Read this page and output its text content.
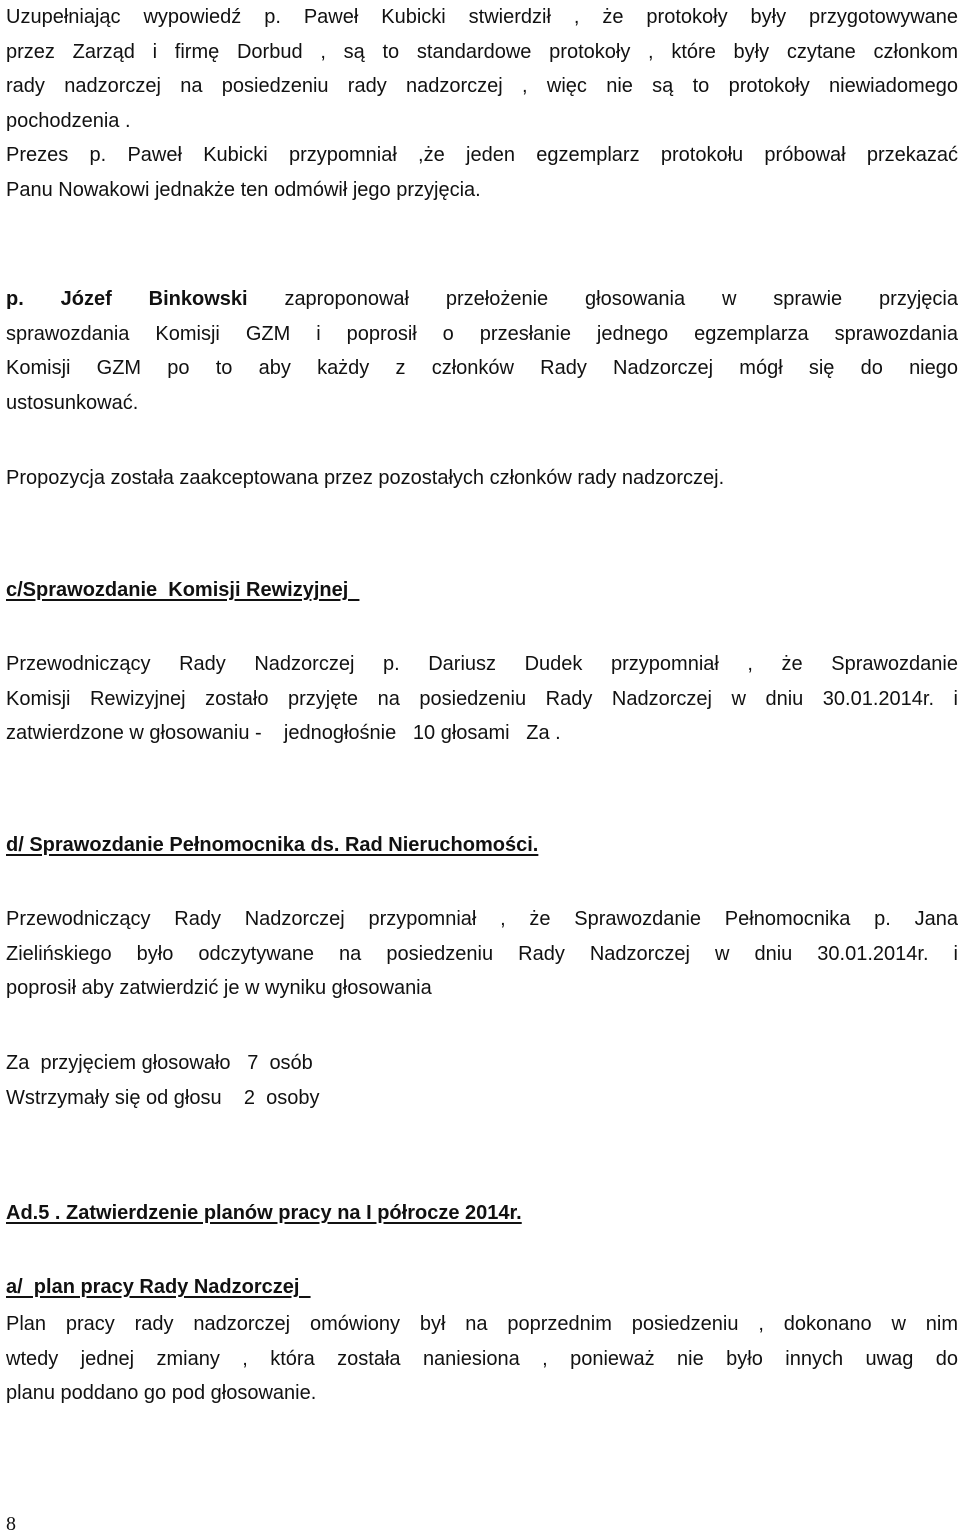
Uzupełniając wypowiedź p. Paweł Kubicki stwierdził , że protokoły były przygotowywane
przez Zarząd i firmę Dorbud , są to standardowe protokoły , które były czytane członkom
rady nadzorczej na posiedzeniu rady nadzorczej , więc nie są to protokoły niewiadomego
pochodzenia .
Prezes p. Paweł Kubicki przypomniał ,że jeden egzemplarz protokołu próbował przekazać
Panu Nowakowi jednakże ten odmówił jego przyjęcia.
p. Józef Binkowski zaproponował przełożenie głosowania w sprawie przyjęcia
sprawozdania Komisji GZM i poprosił o przesłanie jednego egzemplarza sprawozdania
Komisji GZM po to aby każdy z członków Rady Nadzorczej mógł się do niego
ustosunkować.
Propozycja została zaakceptowana przez pozostałych członków rady nadzorczej.
c/Sprawozdanie  Komisji Rewizyjnej
Przewodniczący Rady Nadzorczej p. Dariusz Dudek przypomniał , że Sprawozdanie
Komisji Rewizyjnej zostało przyjęte na posiedzeniu Rady Nadzorczej w dniu 30.01.2014r. i
zatwierdzone w głosowaniu -    jednogłośnie   10 głosami   Za .
d/ Sprawozdanie Pełnomocnika ds. Rad Nieruchomości.
Przewodniczący Rady Nadzorczej przypomniał , że Sprawozdanie Pełnomocnika p. Jana
Zielińskiego było odczytywane na posiedzeniu Rady Nadzorczej w dniu 30.01.2014r. i
poprosił aby zatwierdzić je w wyniku głosowania
Za  przyjęciem głosowało   7  osób
Wstrzymały się od głosu    2  osoby
Ad.5 . Zatwierdzenie planów pracy na I półrocze 2014r.
a/  plan pracy Rady Nadzorczej
Plan pracy rady nadzorczej omówiony był na poprzednim posiedzeniu , dokonano w nim
wtedy jednej zmiany , która została naniesiona , ponieważ nie było innych uwag do
planu poddano go pod głosowanie.
8
